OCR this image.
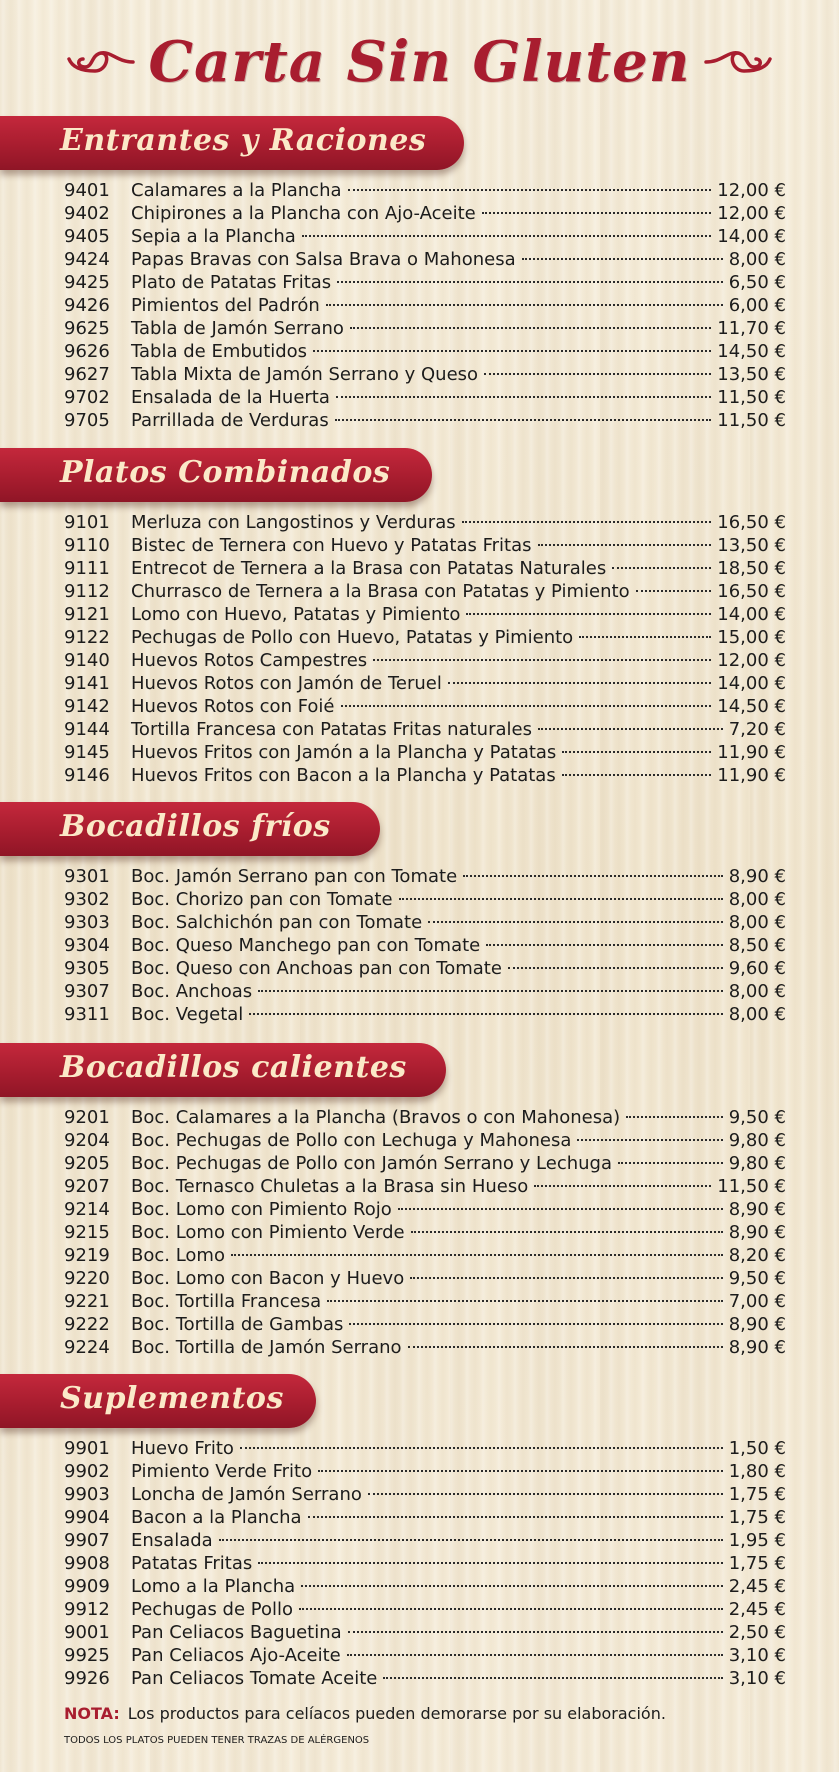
Carta Sin Gluten
Entrantes y Raciones
9401	Calamares a la Plancha	12,00 €
9402	Chipirones a la Plancha con Ajo-Aceite	12,00 €
9405	Sepia a la Plancha	14,00 €
9424	Papas Bravas con Salsa Brava o Mahonesa	8,00 €
9425	Plato de Patatas Fritas	6,50 €
9426	Pimientos del Padrón	6,00 €
9625	Tabla de Jamón Serrano	11,70 €
9626	Tabla de Embutidos	14,50 €
9627	Tabla Mixta de Jamón Serrano y Queso	13,50 €
9702	Ensalada de la Huerta	11,50 €
9705	Parrillada de Verduras	11,50 €
Platos Combinados
9101	Merluza con Langostinos y Verduras	16,50 €
9110	Bistec de Ternera con Huevo y Patatas Fritas	13,50 €
9111	Entrecot de Ternera a la Brasa con Patatas Naturales	18,50 €
9112	Churrasco de Ternera a la Brasa con Patatas y Pimiento	16,50 €
9121	Lomo con Huevo, Patatas y Pimiento	14,00 €
9122	Pechugas de Pollo con Huevo, Patatas y Pimiento	15,00 €
9140	Huevos Rotos Campestres	12,00 €
9141	Huevos Rotos con Jamón de Teruel	14,00 €
9142	Huevos Rotos con Foié	14,50 €
9144	Tortilla Francesa con Patatas Fritas naturales	7,20 €
9145	Huevos Fritos con Jamón a la Plancha y Patatas	11,90 €
9146	Huevos Fritos con Bacon a la Plancha y Patatas	11,90 €
Bocadillos fríos
9301	Boc. Jamón Serrano pan con Tomate	8,90 €
9302	Boc. Chorizo pan con Tomate	8,00 €
9303	Boc. Salchichón pan con Tomate	8,00 €
9304	Boc. Queso Manchego pan con Tomate	8,50 €
9305	Boc. Queso con Anchoas pan con Tomate	9,60 €
9307	Boc. Anchoas	8,00 €
9311	Boc. Vegetal	8,00 €
Bocadillos calientes
9201	Boc. Calamares a la Plancha (Bravos o con Mahonesa)	9,50 €
9204	Boc. Pechugas de Pollo con Lechuga y Mahonesa	9,80 €
9205	Boc. Pechugas de Pollo con Jamón Serrano y Lechuga	9,80 €
9207	Boc. Ternasco Chuletas a la Brasa sin Hueso	11,50 €
9214	Boc. Lomo con Pimiento Rojo	8,90 €
9215	Boc. Lomo con Pimiento Verde	8,90 €
9219	Boc. Lomo	8,20 €
9220	Boc. Lomo con Bacon y Huevo	9,50 €
9221	Boc. Tortilla Francesa	7,00 €
9222	Boc. Tortilla de Gambas	8,90 €
9224	Boc. Tortilla de Jamón Serrano	8,90 €
Suplementos
9901	Huevo Frito	1,50 €
9902	Pimiento Verde Frito	1,80 €
9903	Loncha de Jamón Serrano	1,75 €
9904	Bacon a la Plancha	1,75 €
9907	Ensalada	1,95 €
9908	Patatas Fritas	1,75 €
9909	Lomo a la Plancha	2,45 €
9912	Pechugas de Pollo	2,45 €
9001	Pan Celiacos Baguetina	2,50 €
9925	Pan Celiacos Ajo-Aceite	3,10 €
9926	Pan Celiacos Tomate Aceite	3,10 €
NOTA: Los productos para celíacos pueden demorarse por su elaboración.
TODOS LOS PLATOS PUEDEN TENER TRAZAS DE ALÉRGENOS
